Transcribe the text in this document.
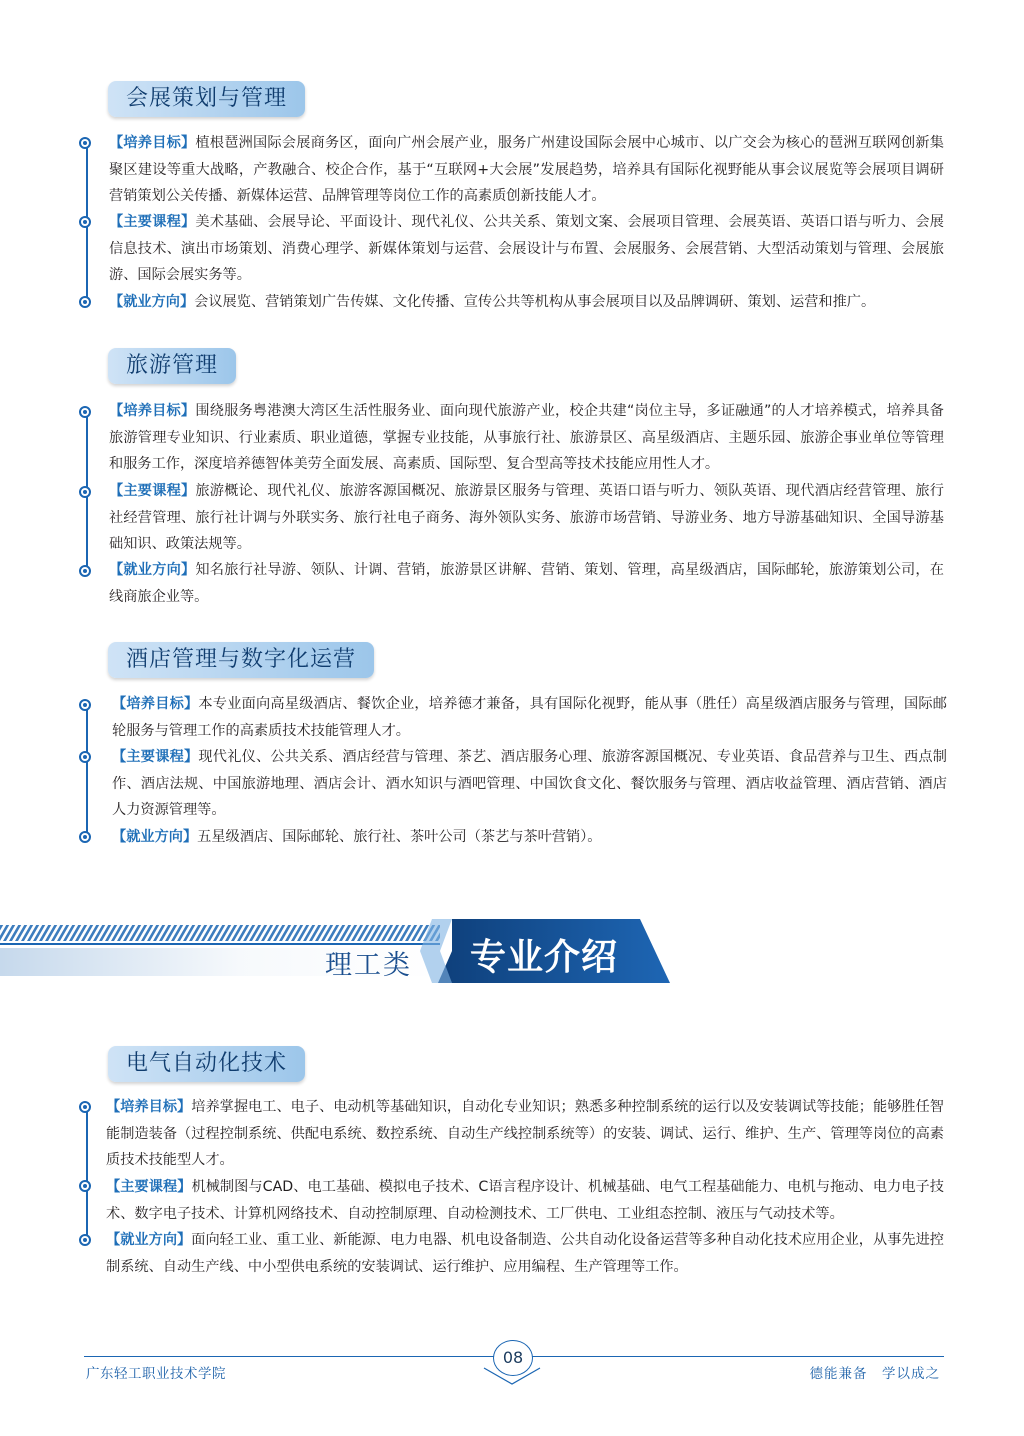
会展策划与管理

【培养目标】植根琶洲国际会展商务区，面向广州会展产业，服务广州建设国际会展中心城市、以广交会为核心的琶洲互联网创新集聚区建设等重大战略，产教融合、校企合作，基于“互联网+大会展”发展趋势，培养具有国际化视野能从事会议展览等会展项目调研营销策划公关传播、新媒体运营、品牌管理等岗位工作的高素质创新技能人才。

【主要课程】美术基础、会展导论、平面设计、现代礼仪、公共关系、策划文案、会展项目管理、会展英语、英语口语与听力、会展信息技术、演出市场策划、消费心理学、新媒体策划与运营、会展设计与布置、会展服务、会展营销、大型活动策划与管理、会展旅游、国际会展实务等。

【就业方向】会议展览、营销策划广告传媒、文化传播、宣传公共等机构从事会展项目以及品牌调研、策划、运营和推广。

旅游管理

【培养目标】围绕服务粤港澳大湾区生活性服务业、面向现代旅游产业，校企共建“岗位主导，多证融通”的人才培养模式，培养具备旅游管理专业知识、行业素质、职业道德，掌握专业技能，从事旅行社、旅游景区、高星级酒店、主题乐园、旅游企事业单位等管理和服务工作，深度培养德智体美劳全面发展、高素质、国际型、复合型高等技术技能应用性人才。

【主要课程】旅游概论、现代礼仪、旅游客源国概况、旅游景区服务与管理、英语口语与听力、领队英语、现代酒店经营管理、旅行社经营管理、旅行社计调与外联实务、旅行社电子商务、海外领队实务、旅游市场营销、导游业务、地方导游基础知识、全国导游基础知识、政策法规等。

【就业方向】知名旅行社导游、领队、计调、营销，旅游景区讲解、营销、策划、管理，高星级酒店，国际邮轮，旅游策划公司，在线商旅企业等。

酒店管理与数字化运营

【培养目标】本专业面向高星级酒店、餐饮企业，培养德才兼备，具有国际化视野，能从事（胜任）高星级酒店服务与管理，国际邮轮服务与管理工作的高素质技术技能管理人才。

【主要课程】现代礼仪、公共关系、酒店经营与管理、茶艺、酒店服务心理、旅游客源国概况、专业英语、食品营养与卫生、西点制作、酒店法规、中国旅游地理、酒店会计、酒水知识与酒吧管理、中国饮食文化、餐饮服务与管理、酒店收益管理、酒店营销、酒店人力资源管理等。

【就业方向】五星级酒店、国际邮轮、旅行社、茶叶公司（茶艺与茶叶营销）。

理工类 专业介绍
电气自动化技术

【培养目标】培养掌握电工、电子、电动机等基础知识，自动化专业知识；熟悉多种控制系统的运行以及安装调试等技能；能够胜任智能制造装备（过程控制系统、供配电系统、数控系统、自动生产线控制系统等）的安装、调试、运行、维护、生产、管理等岗位的高素质技术技能型人才。

【主要课程】机械制图与CAD、电工基础、模拟电子技术、C语言程序设计、机械基础、电气工程基础能力、电机与拖动、电力电子技术、数字电子技术、计算机网络技术、自动控制原理、自动检测技术、工厂供电、工业组态控制、液压与气动技术等。

【就业方向】面向轻工业、重工业、新能源、电力电器、机电设备制造、公共自动化设备运营等多种自动化技术应用企业，从事先进控制系统、自动生产线、中小型供电系统的安装调试、运行维护、应用编程、生产管理等工作。

08
广东轻工职业技术学院	德能兼备　学以成之
